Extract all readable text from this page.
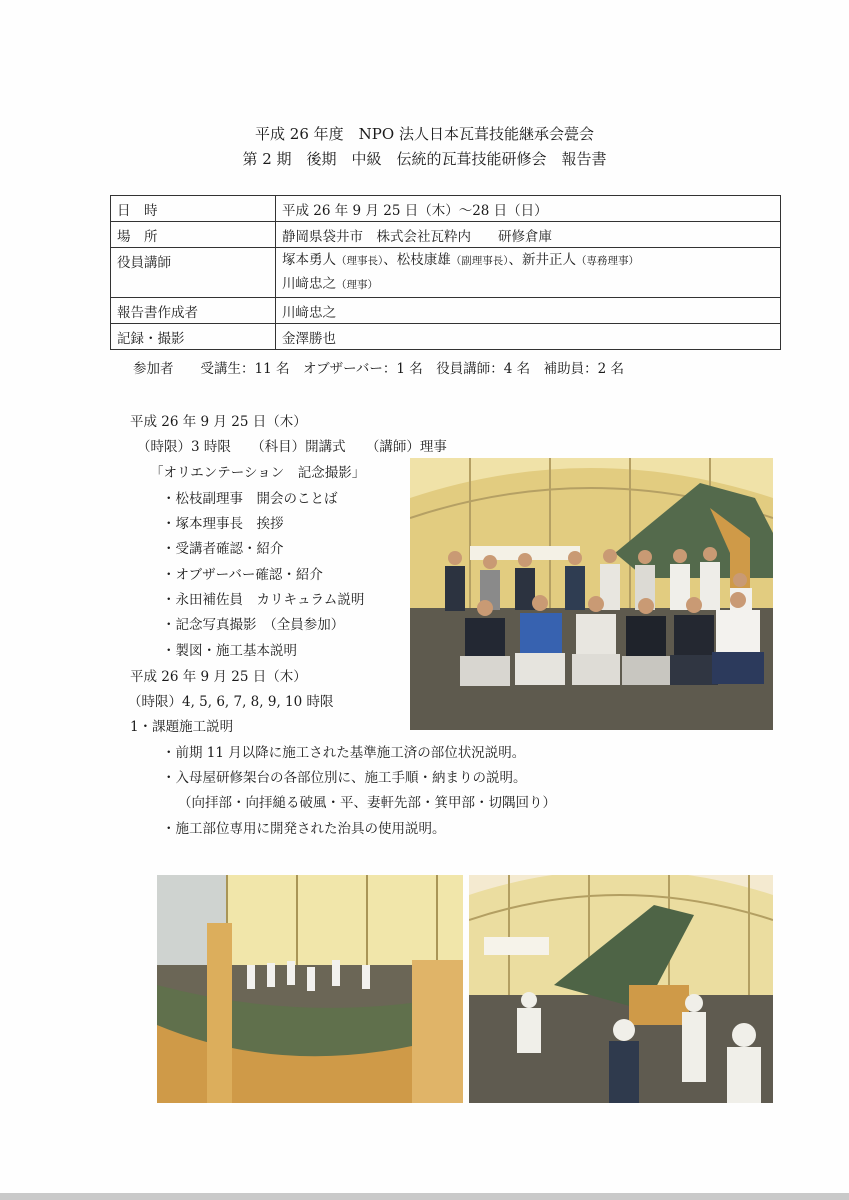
平成 26 年度　NPO 法人日本瓦葺技能継承会甍会
第 2 期　後期　中級　伝統的瓦葺技能研修会　報告書
日　時	平成 26 年 9 月 25 日（木）～28 日（日）
場　所	静岡県袋井市　株式会社瓦粋内　　研修倉庫
役員講師	塚本勇人（理事長）、松枝康雄（副理事長）、新井正人（専務理事）
川﨑忠之（理事）

報告書作成者	川﨑忠之
記録・撮影	金澤勝也
参加者　　受講生：11 名　オブザーバー：1 名　役員講師：4 名　補助員：2 名
平成 26 年 9 月 25 日（木）
（時限）3 時限　　（科目）開講式　　（講師）理事
「オリエンテーション　記念撮影」
・松枝副理事　開会のことば
・塚本理事長　挨拶
・受講者確認・紹介
・オブザーバー確認・紹介
・永田補佐員　カリキュラム説明
・記念写真撮影　（全員参加）
・製図・施工基本説明
平成 26 年 9 月 25 日（木）
（時限）4, 5, 6, 7, 8, 9, 10 時限
1・課題施工説明
・前期 11 月以降に施工された基準施工済の部位状況説明。
・入母屋研修架台の各部位別に、施工手順・納まりの説明。
（向拝部・向拝縋る破風・平、妻軒先部・箕甲部・切隅回り）
・施工部位専用に開発された治具の使用説明。
